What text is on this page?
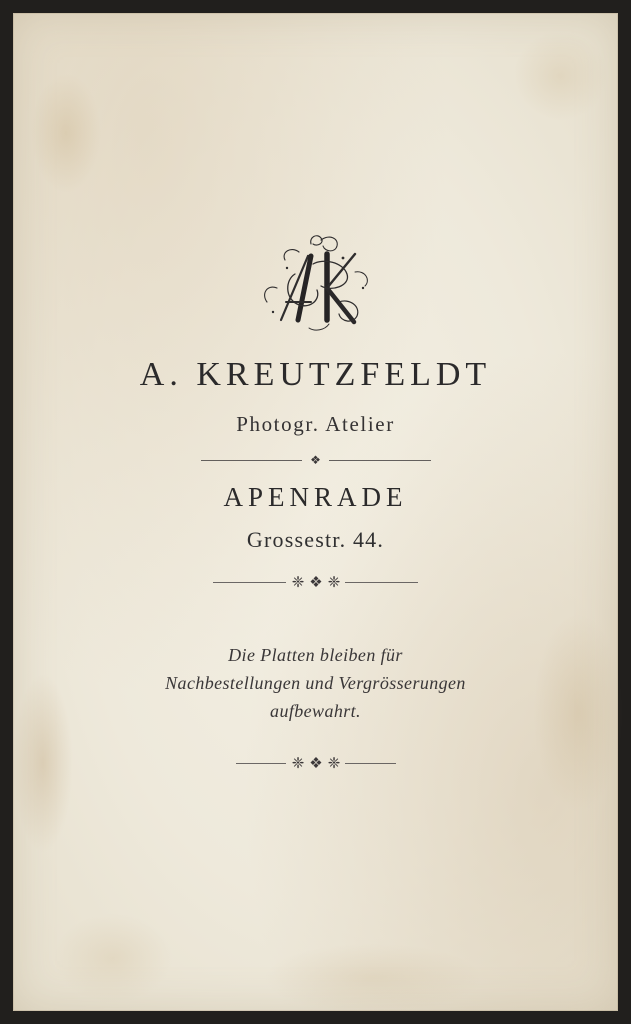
A. KREUTZFELDT
Photogr. Atelier
❖
APENRADE
Grossestr. 44.
❈ ❖ ❈
Die Platten bleiben für
Nachbestellungen und Vergrösserungen
aufbewahrt.
❈ ❖ ❈
